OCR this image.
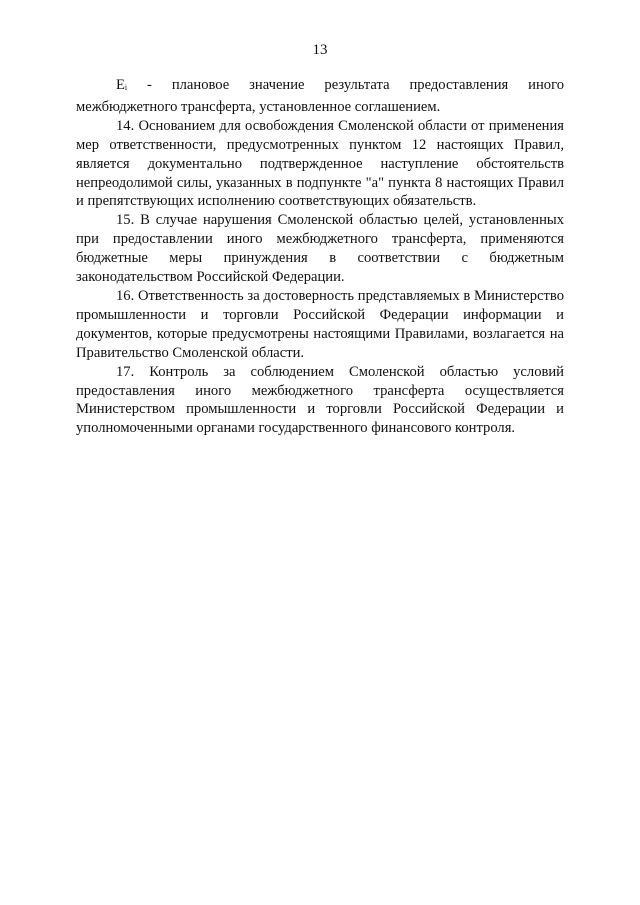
13

$E_i$ - плановое значение результата предоставления иного межбюджетного трансферта, установленное соглашением.

14. Основанием для освобождения Смоленской области от применения мер ответственности, предусмотренных пунктом 12 настоящих Правил, является документально подтвержденное наступление обстоятельств непреодолимой силы, указанных в подпункте "а" пункта 8 настоящих Правил и препятствующих исполнению соответствующих обязательств.

15. В случае нарушения Смоленской областью целей, установленных при предоставлении иного межбюджетного трансферта, применяются бюджетные меры принуждения в соответствии с бюджетным законодательством Российской Федерации.

16. Ответственность за достоверность представляемых в Министерство промышленности и торговли Российской Федерации информации и документов, которые предусмотрены настоящими Правилами, возлагается на Правительство Смоленской области.

17. Контроль за соблюдением Смоленской областью условий предоставления иного межбюджетного трансферта осуществляется Министерством промышленности и торговли Российской Федерации и уполномоченными органами государственного финансового контроля.
